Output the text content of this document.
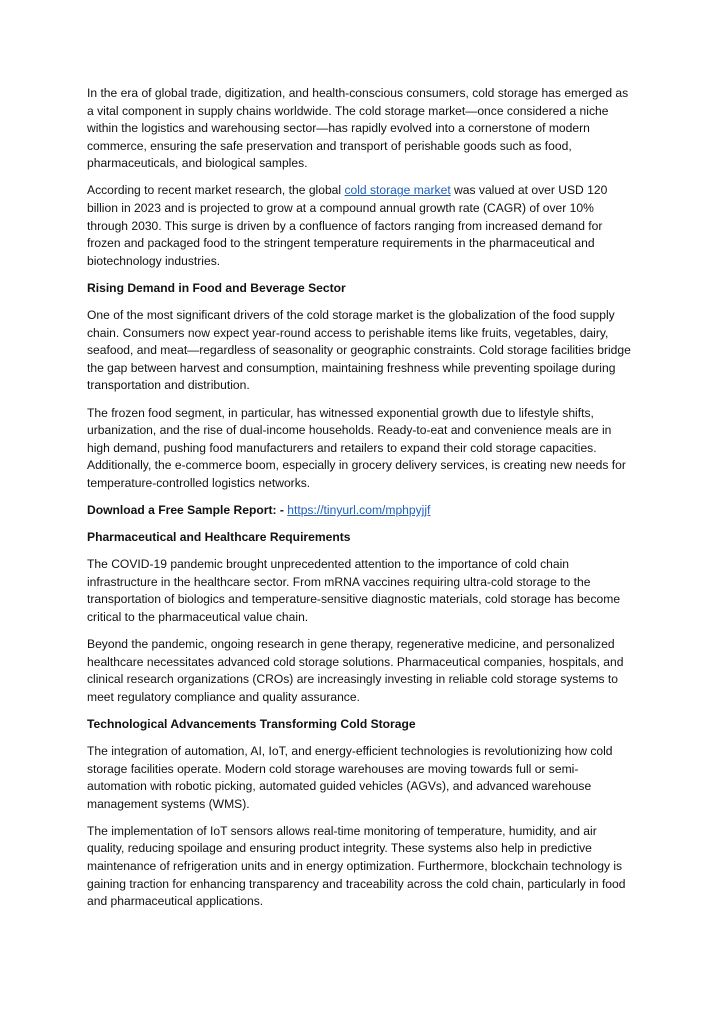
In the era of global trade, digitization, and health-conscious consumers, cold storage has emerged as a vital component in supply chains worldwide. The cold storage market—once considered a niche within the logistics and warehousing sector—has rapidly evolved into a cornerstone of modern commerce, ensuring the safe preservation and transport of perishable goods such as food, pharmaceuticals, and biological samples.

According to recent market research, the global cold storage market was valued at over USD 120 billion in 2023 and is projected to grow at a compound annual growth rate (CAGR) of over 10% through 2030. This surge is driven by a confluence of factors ranging from increased demand for frozen and packaged food to the stringent temperature requirements in the pharmaceutical and biotechnology industries.

Rising Demand in Food and Beverage Sector

One of the most significant drivers of the cold storage market is the globalization of the food supply chain. Consumers now expect year-round access to perishable items like fruits, vegetables, dairy, seafood, and meat—regardless of seasonality or geographic constraints. Cold storage facilities bridge the gap between harvest and consumption, maintaining freshness while preventing spoilage during transportation and distribution.

The frozen food segment, in particular, has witnessed exponential growth due to lifestyle shifts, urbanization, and the rise of dual-income households. Ready-to-eat and convenience meals are in high demand, pushing food manufacturers and retailers to expand their cold storage capacities. Additionally, the e-commerce boom, especially in grocery delivery services, is creating new needs for temperature-controlled logistics networks.

Download a Free Sample Report: - https://tinyurl.com/mphpyjjf

Pharmaceutical and Healthcare Requirements

The COVID-19 pandemic brought unprecedented attention to the importance of cold chain infrastructure in the healthcare sector. From mRNA vaccines requiring ultra-cold storage to the transportation of biologics and temperature-sensitive diagnostic materials, cold storage has become critical to the pharmaceutical value chain.

Beyond the pandemic, ongoing research in gene therapy, regenerative medicine, and personalized healthcare necessitates advanced cold storage solutions. Pharmaceutical companies, hospitals, and clinical research organizations (CROs) are increasingly investing in reliable cold storage systems to meet regulatory compliance and quality assurance.

Technological Advancements Transforming Cold Storage

The integration of automation, AI, IoT, and energy-efficient technologies is revolutionizing how cold storage facilities operate. Modern cold storage warehouses are moving towards full or semi-automation with robotic picking, automated guided vehicles (AGVs), and advanced warehouse management systems (WMS).

The implementation of IoT sensors allows real-time monitoring of temperature, humidity, and air quality, reducing spoilage and ensuring product integrity. These systems also help in predictive maintenance of refrigeration units and in energy optimization. Furthermore, blockchain technology is gaining traction for enhancing transparency and traceability across the cold chain, particularly in food and pharmaceutical applications.
